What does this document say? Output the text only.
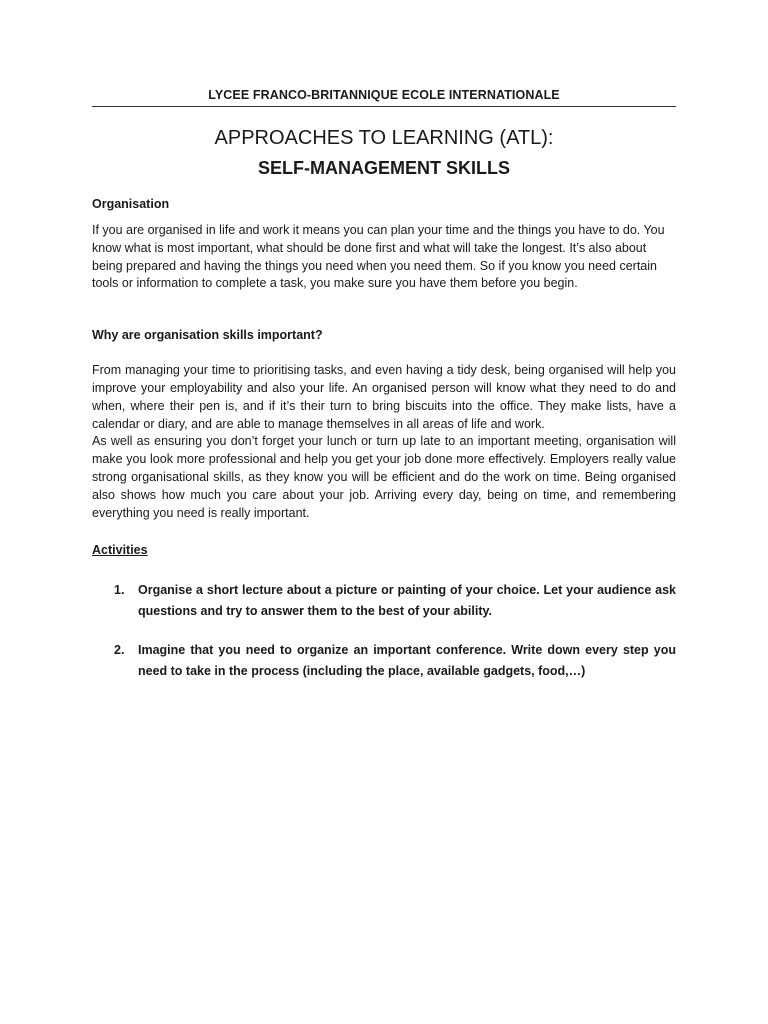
LYCEE FRANCO-BRITANNIQUE ECOLE INTERNATIONALE
APPROACHES TO LEARNING (ATL):
SELF-MANAGEMENT SKILLS
Organisation

If you are organised in life and work it means you can plan your time and the things you have to do. You know what is most important, what should be done first and what will take the longest. It’s also about being prepared and having the things you need when you need them. So if you know you need certain tools or information to complete a task, you make sure you have them before you begin.

Why are organisation skills important?

From managing your time to prioritising tasks, and even having a tidy desk, being organised will help you improve your employability and also your life. An organised person will know what they need to do and when, where their pen is, and if it’s their turn to bring biscuits into the office. They make lists, have a calendar or diary, and are able to manage themselves in all areas of life and work.

As well as ensuring you don’t forget your lunch or turn up late to an important meeting, organisation will make you look more professional and help you get your job done more effectively. Employers really value strong organisational skills, as they know you will be efficient and do the work on time. Being organised also shows how much you care about your job. Arriving every day, being on time, and remembering everything you need is really important.

Activities
1.	Organise a short lecture about a picture or painting of your choice. Let your audience ask questions and try to answer them to the best of your ability.
2.	Imagine that you need to organize an important conference. Write down every step you need to take in the process (including the place, available gadgets, food,…)
